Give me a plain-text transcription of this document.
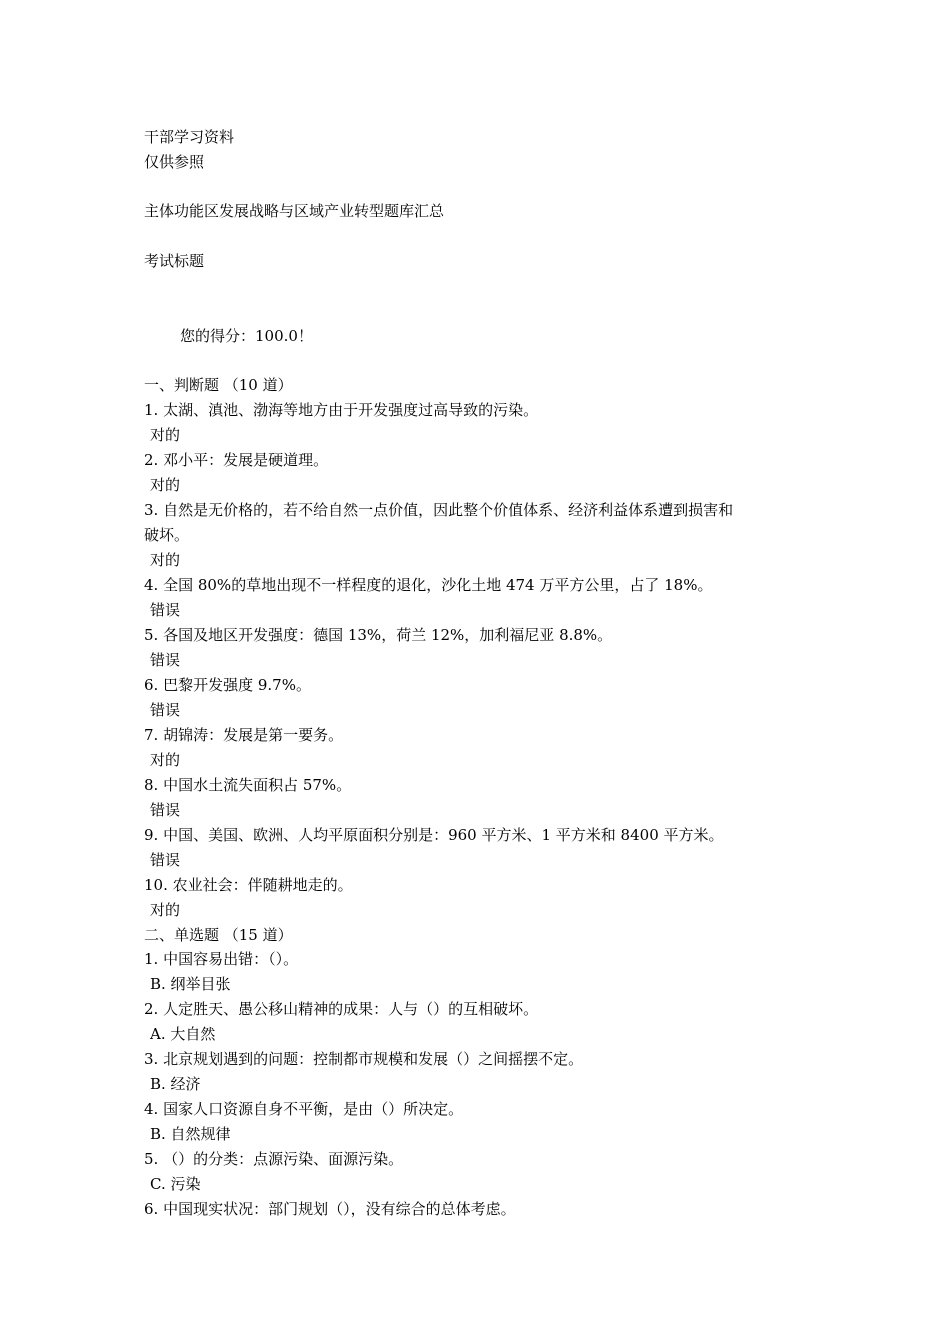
干部学习资料
仅供参照
主体功能区发展战略与区域产业转型题库汇总
考试标题
您的得分：100.0！
一、判断题 （10 道）
1. 太湖、滇池、渤海等地方由于开发强度过高导致的污染。
对的
2. 邓小平：发展是硬道理。
对的
3. 自然是无价格的，若不给自然一点价值，因此整个价值体系、经济利益体系遭到损害和
破坏。
对的
4. 全国 80%的草地出现不一样程度的退化，沙化土地 474 万平方公里，占了 18%。
错误
5. 各国及地区开发强度：德国 13%，荷兰 12%，加利福尼亚 8.8%。
错误
6. 巴黎开发强度 9.7%。
错误
7. 胡锦涛：发展是第一要务。
对的
8. 中国水土流失面积占 57%。
错误
9. 中国、美国、欧洲、人均平原面积分别是：960 平方米、1 平方米和 8400 平方米。
错误
10. 农业社会：伴随耕地走的。
对的
二、单选题 （15 道）
1. 中国容易出错：（）。
B. 纲举目张
2. 人定胜天、愚公移山精神的成果：人与（）的互相破坏。
A. 大自然
3. 北京规划遇到的问题：控制都市规模和发展（）之间摇摆不定。
B. 经济
4. 国家人口资源自身不平衡，是由（）所决定。
B. 自然规律
5. （）的分类：点源污染、面源污染。
C. 污染
6. 中国现实状况：部门规划（），没有综合的总体考虑。
